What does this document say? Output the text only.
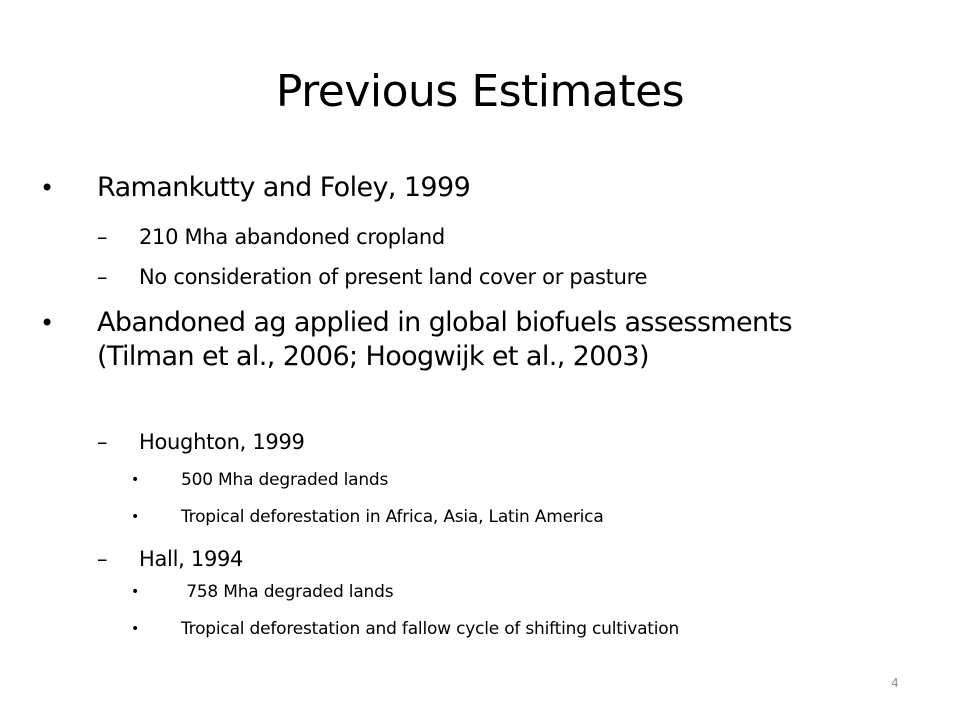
Previous Estimates
• Ramankutty and Foley, 1999
– 210 Mha abandoned cropland
– No consideration of present land cover or pasture
• Abandoned ag applied in global biofuels assessments (Tilman et al., 2006; Hoogwijk et al., 2003)
– Houghton, 1999
• 500 Mha degraded lands
• Tropical deforestation in Africa, Asia, Latin America
– Hall, 1994
• 758 Mha degraded lands
• Tropical deforestation and fallow cycle of shifting cultivation
4
